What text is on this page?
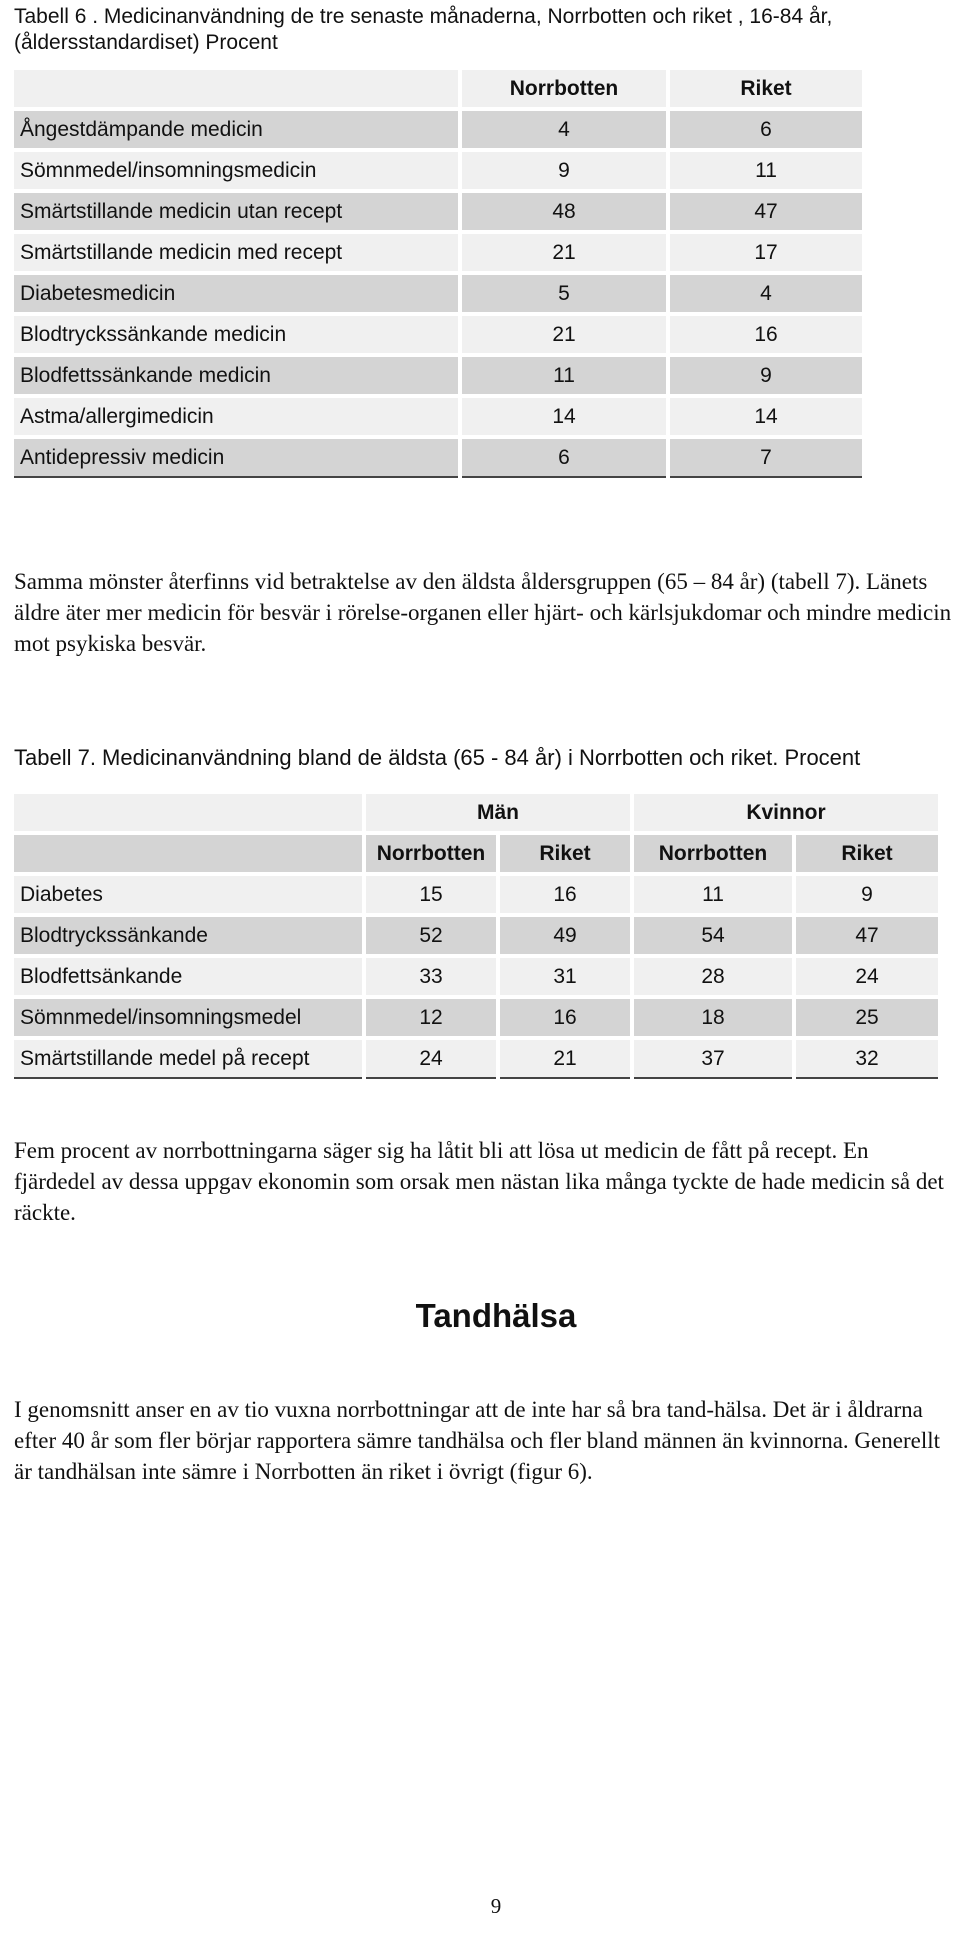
Tabell 6 . Medicinanvändning de tre senaste månaderna, Norrbotten och riket , 16-84 år, (åldersstandardiset) Procent
		Norrbotten		Riket
Ångestdämpande medicin		4		6
Sömnmedel/insomningsmedicin		9		11
Smärtstillande medicin utan recept		48		47
Smärtstillande medicin med recept		21		17
Diabetesmedicin		5		4
Blodtryckssänkande medicin		21		16
Blodfettssänkande medicin		11		9
Astma/allergimedicin		14		14
Antidepressiv medicin		6		7

Samma mönster återfinns vid betraktelse av den äldsta åldersgruppen (65 – 84 år) (tabell 7). Länets äldre äter mer medicin för besvär i rörelse-organen eller hjärt- och kärlsjukdomar och mindre medicin mot psykiska besvär.

Tabell 7. Medicinanvändning bland de äldsta (65 - 84 år) i Norrbotten och riket. Procent
		Män				Kvinnor		
		Norrbotten		Riket		Norrbotten		Riket
Diabetes		15		16		11		9
Blodtryckssänkande		52		49		54		47
Blodfettsänkande		33		31		28		24
Sömnmedel/insomningsmedel		12		16		18		25
Smärtstillande medel på recept		24		21		37		32

Fem procent av norrbottningarna säger sig ha låtit bli att lösa ut medicin de fått på recept. En fjärdedel av dessa uppgav ekonomin som orsak men nästan lika många tyckte de hade medicin så det räckte.

Tandhälsa

I genomsnitt anser en av tio vuxna norrbottningar att de inte har så bra tand-hälsa. Det är i åldrarna efter 40 år som fler börjar rapportera sämre tandhälsa och fler bland männen än kvinnorna. Generellt är tandhälsan inte sämre i Norrbotten än riket i övrigt (figur 6).

9
